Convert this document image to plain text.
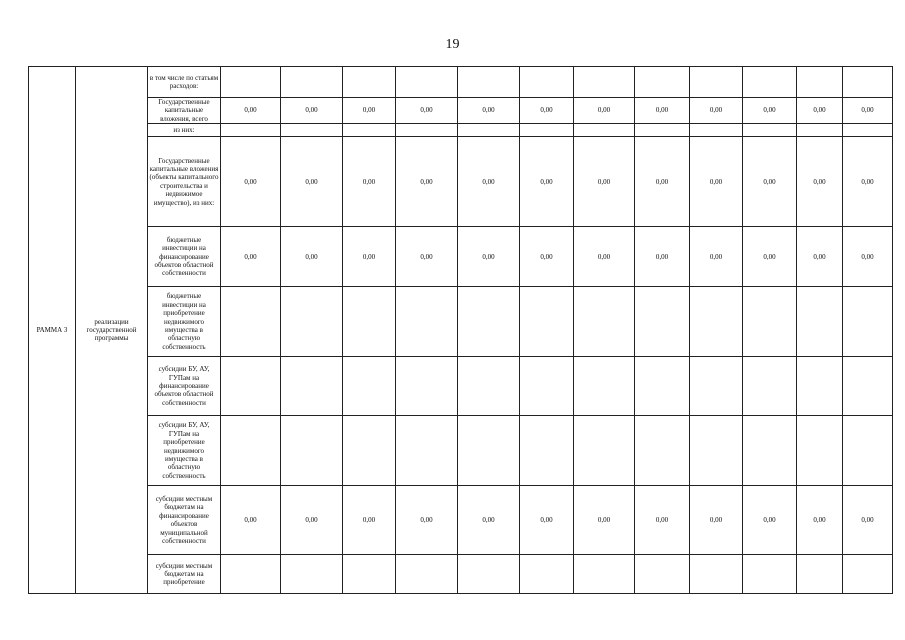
19
РАММА 3	реализации государственной программы	в том числе по статьям расходов:												
		Государственные капитальные вложения, всего	0,00	0,00	0,00	0,00	0,00	0,00	0,00	0,00	0,00	0,00	0,00	0,00
		из них:												
		Государственные капитальные вложения (объекты капитального строительства и недвижимое имущество), из них:	0,00	0,00	0,00	0,00	0,00	0,00	0,00	0,00	0,00	0,00	0,00	0,00
		бюджетные инвестиции на финансирование объектов областной собственности	0,00	0,00	0,00	0,00	0,00	0,00	0,00	0,00	0,00	0,00	0,00	0,00
		бюджетные инвестиции на приобретение недвижимого имущества в областную собственность												
		субсидии БУ, АУ, ГУПам на финансирование объектов областной собственности												
		субсидии БУ, АУ, ГУПам на приобретение недвижимого имущества в областную собственность												
		субсидии местным бюджетам на финансирование объектов муниципальной собственности	0,00	0,00	0,00	0,00	0,00	0,00	0,00	0,00	0,00	0,00	0,00	0,00
		субсидии местным бюджетам на приобретение												
